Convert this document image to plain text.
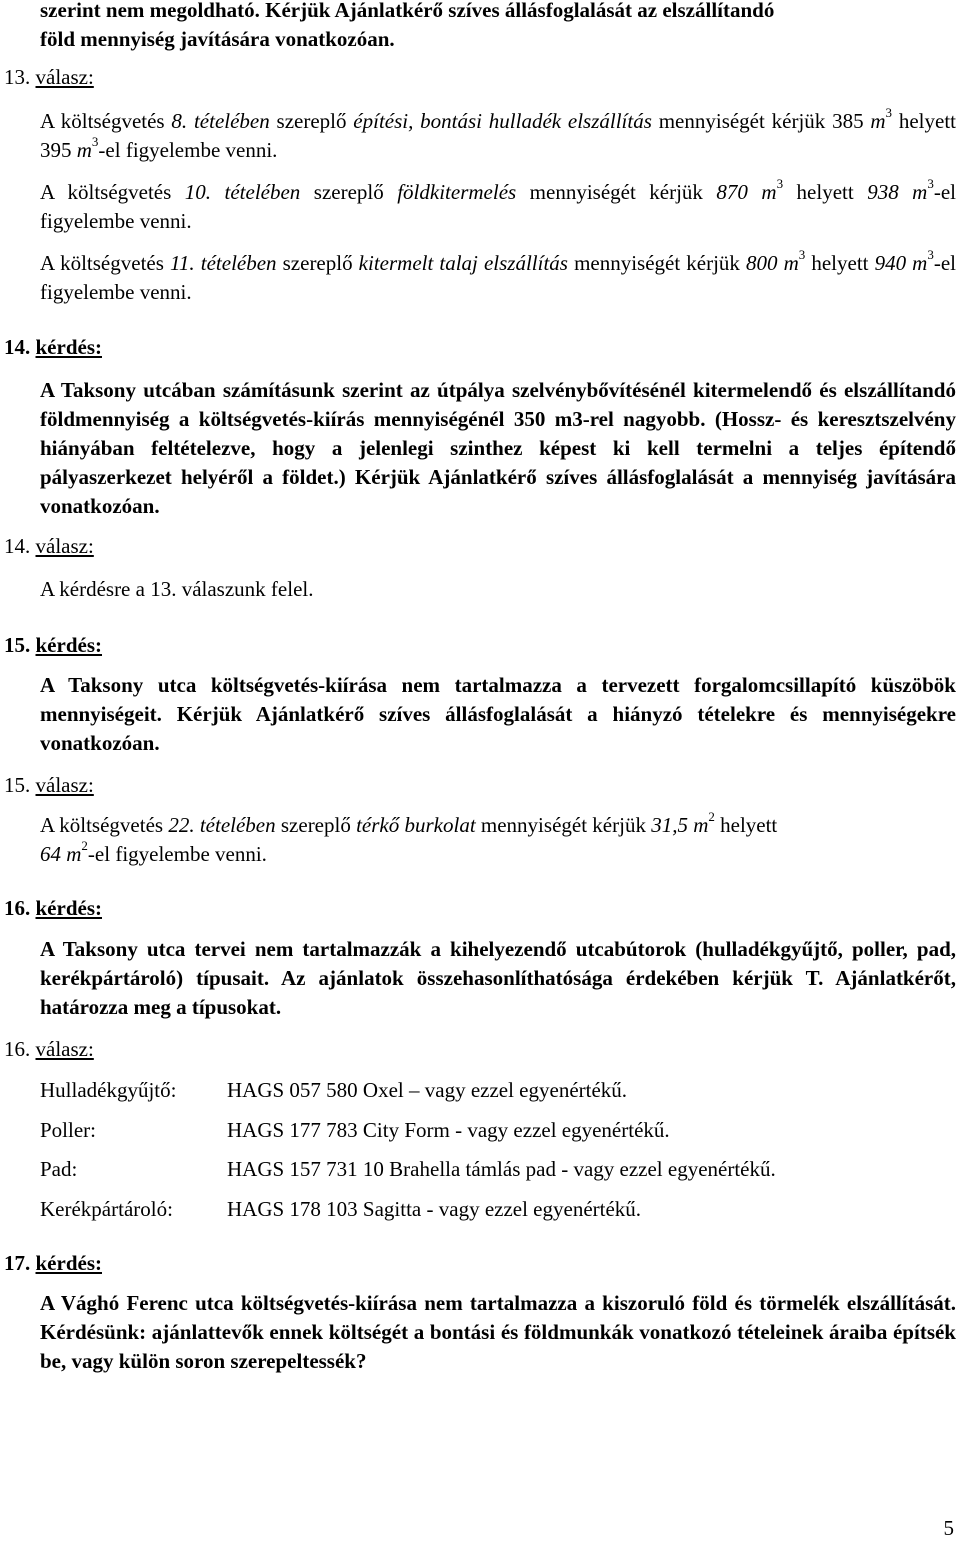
szerint nem megoldható. Kérjük Ajánlatkérő szíves állásfoglalását az elszállítandó
föld mennyiség javítására vonatkozóan.
13. válasz:
A költségvetés 8. tételében szereplő építési, bontási hulladék elszállítás mennyiségét kérjük 385 $m^3$ helyett 395 $m^3-el$ figyelembe venni.
A költségvetés 10. tételében szereplő földkitermelés mennyiségét kérjük 870 $m^3$ helyett 938 $m^3-el$ figyelembe venni.
A költségvetés 11. tételében szereplő kitermelt talaj elszállítás mennyiségét kérjük 800 $m^3$ helyett 940 $m^3-el$ figyelembe venni.
14. kérdés:
A Taksony utcában számításunk szerint az útpálya szelvénybővítésénél kitermelendő és elszállítandó földmennyiség a költségvetés-kiírás mennyiségénél 350 m3-rel nagyobb. (Hossz- és keresztszelvény hiányában feltételezve, hogy a jelenlegi szinthez képest ki kell termelni a teljes építendő pályaszerkezet helyéről a földet.) Kérjük Ajánlatkérő szíves állásfoglalását a mennyiség javítására vonatkozóan.
14. válasz:
A kérdésre a 13. válaszunk felel.
15. kérdés:
A Taksony utca költségvetés-kiírása nem tartalmazza a tervezett forgalomcsillapító küszöbök mennyiségeit. Kérjük Ajánlatkérő szíves állásfoglalását a hiányzó tételekre és mennyiségekre vonatkozóan.
15. válasz:
A költségvetés 22. tételében szereplő térkő burkolat mennyiségét kérjük 31,5 $m^2$ helyett
64 $m^2-el$ figyelembe venni.
16. kérdés:
A Taksony utca tervei nem tartalmazzák a kihelyezendő utcabútorok (hulladékgyűjtő, poller, pad, kerékpártároló) típusait. Az ajánlatok összehasonlíthatósága érdekében kérjük T. Ajánlatkérőt, határozza meg a típusokat.
16. válasz:
Hulladékgyűjtő: HAGS 057 580 Oxel – vagy ezzel egyenértékű.
Poller:	HAGS 177 783 City Form - vagy ezzel egyenértékű.
Pad:	HAGS 157 731 10 Brahella támlás pad - vagy ezzel egyenértékű.
Kerékpártároló:	HAGS 178 103 Sagitta - vagy ezzel egyenértékű.
17. kérdés:
A Vághó Ferenc utca költségvetés-kiírása nem tartalmazza a kiszoruló föld és törmelék elszállítását. Kérdésünk: ajánlattevők ennek költségét a bontási és földmunkák vonatkozó tételeinek áraiba építsék be, vagy külön soron szerepeltessék?
5
